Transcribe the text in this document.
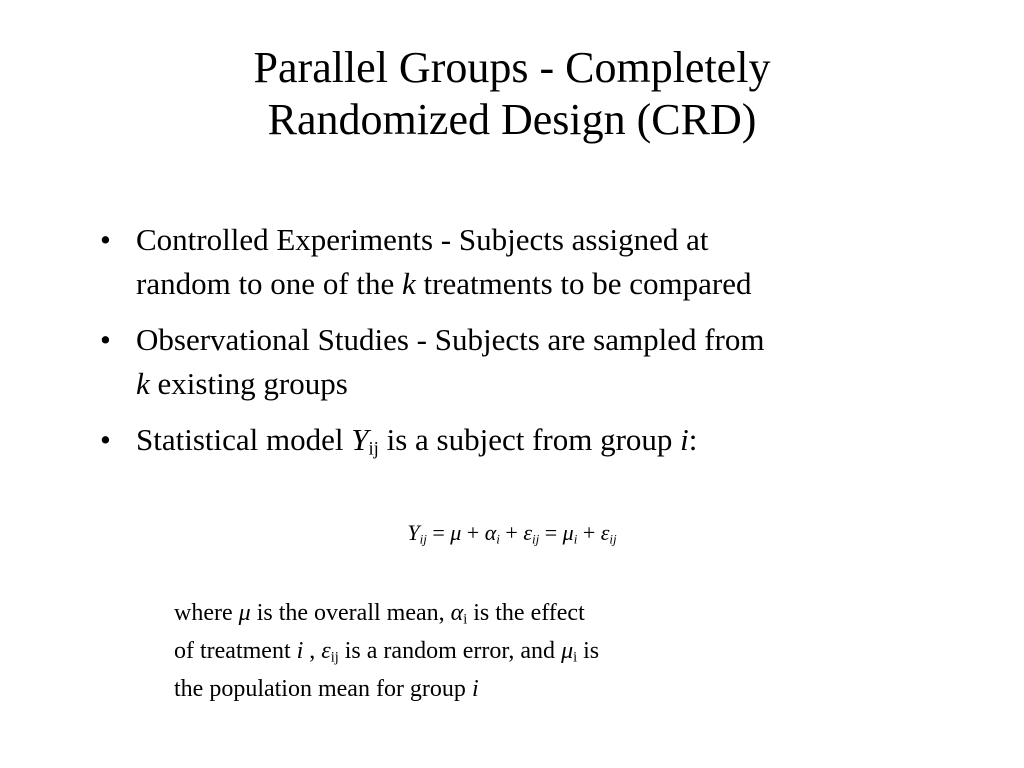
Parallel Groups - Completely
Randomized Design (CRD)
• Controlled Experiments - Subjects assigned at
random to one of the k treatments to be compared
• Observational Studies - Subjects are sampled from
k existing groups
• Statistical model $Y_{ij}$ is a subject from group i:
$Y_{ij} = \mu + \alpha_i + \varepsilon_{ij} = \mu_i + \varepsilon_{ij}$
where μ is the overall mean, $\alpha_i$ is the effect
of treatment i , $\varepsilon_{ij}$ is a random error, and $\mu_i$ is
the population mean for group i
